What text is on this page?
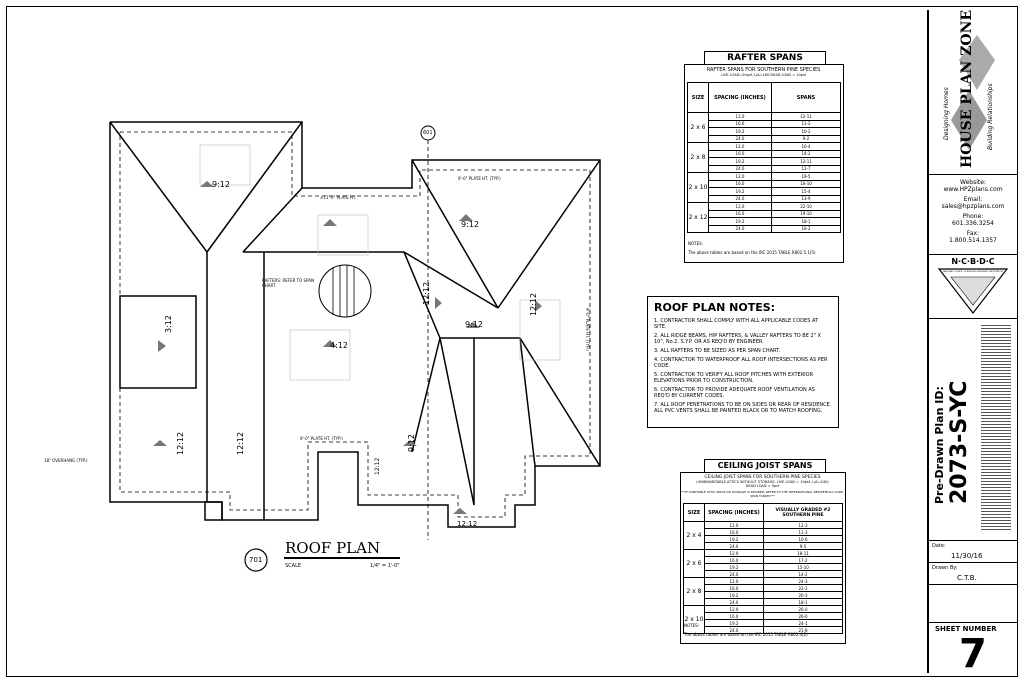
9:12
9:12
9:12
4:12
3:12
12:12	12:12
12:12	12:12
9:12
12:12
12:12
18" OVERHANG (TYP.)
9'-0" PLATE HT. (TYP.)
±11'-0" PLATE HT.
9'-0" PLATE HT. (TYP.)
9'-0" PLATE HT. (TYP.)
RAFTERS: REFER TO SPAN CHART
601
701
ROOF PLAN
SCALE	1/4" = 1'-0"
RAFTER SPANS
RAFTER SPANS FOR SOUTHERN PINE SPECIES
LIVE LOAD=20psf, L/Δ=180 DEAD LOAD = 10psf
SIZE	SPACING (INCHES)	SPANS
2 x 6	12.0	12-11
	16.0	11-2
	19.2	10-2
	24.0	9-2
2 x 8	12.0	16-4
	16.0	14-2
	19.2	12-11
	24.0	11-7
2 x 10	12.0	19-5
	16.0	16-10
	19.2	15-4
	24.0	13-9
2 x 12	12.0	22-10
	16.0	19-10
	19.2	18-1
	24.0	16-2
NOTES:
The above tables are based on the IRC 2015 TABLE R802.5.1(5)
ROOF PLAN NOTES:
1. CONTRACTOR SHALL COMPLY WITH ALL APPLICABLE CODES AT SITE.
2. ALL RIDGE BEAMS, HIP RAFTERS, & VALLEY RAFTERS TO BE 2" X 10", No.2. S.Y.P. OR AS REQ'D BY ENGINEER.
3. ALL RAFTERS TO BE SIZED AS PER SPAN CHART.
4. CONTRACTOR TO WATERPROOF ALL ROOF INTERSECTIONS AS PER CODE.
5. CONTRACTOR TO VERIFY ALL ROOF PITCHES WITH EXTERIOR ELEVATIONS PRIOR TO CONSTRUCTION.
6. CONTRACTOR TO PROVIDE ADEQUATE ROOF VENTILATION AS REQ'D BY CURRENT CODES.
7. ALL ROOF PENETRATIONS TO BE ON SIDES OR REAR OF RESIDENCE. ALL PVC VENTS SHALL BE PAINTED BLACK OR TO MATCH ROOFING.
CEILING JOIST SPANS
CEILING JOIST SPANS FOR SOUTHERN PINE SPECIES
(UNINHABITABLE ATTICS WITHOUT STORAGE, LIVE LOAD = 10psf, L/Δ=240)
DEAD LOAD = 5psf
***IF HABITABLE ATTIC SPACE OR STORAGE IS DESIRED, REFER TO THE INTERNATIONAL RESIDENTIAL CODE, SPAN TABLES***
SIZE	SPACING (INCHES)	VISUALLY GRADED #2 SOUTHERN PINE
2 x 4	12.0	12-3
	16.0	11-3
	19.2	10-6
	24.0	9-5
2 x 6	12.0	18-11
	16.0	17-2
	19.2	15-10
	24.0	14-2
2 x 8	12.0	24-3
	16.0	22-2
	19.2	20-3
	24.0	18-1
2 x 10	12.0	26-0
	16.0	26-0
	19.2	24-1
	24.0	21-8
NOTES:
The above tables are based on the IRC 2015 TABLE R802.4(2)
HOUSE PLAN ZONE
Designing Homes	Building Relationships
Website:
www.HPZplans.com
Email:
sales@hpzplans.com
Phone:
601.336.3254
Fax:
1.800.514.1357
N·C·B·D·C
NATIONAL COUNCIL OF BUILDING DESIGNER CERTIFICATION
Pre-Drawn Plan ID: 2073-S-YC
Date:
11/30/16
Drawn By:
C.T.B.
SHEET NUMBER
7
